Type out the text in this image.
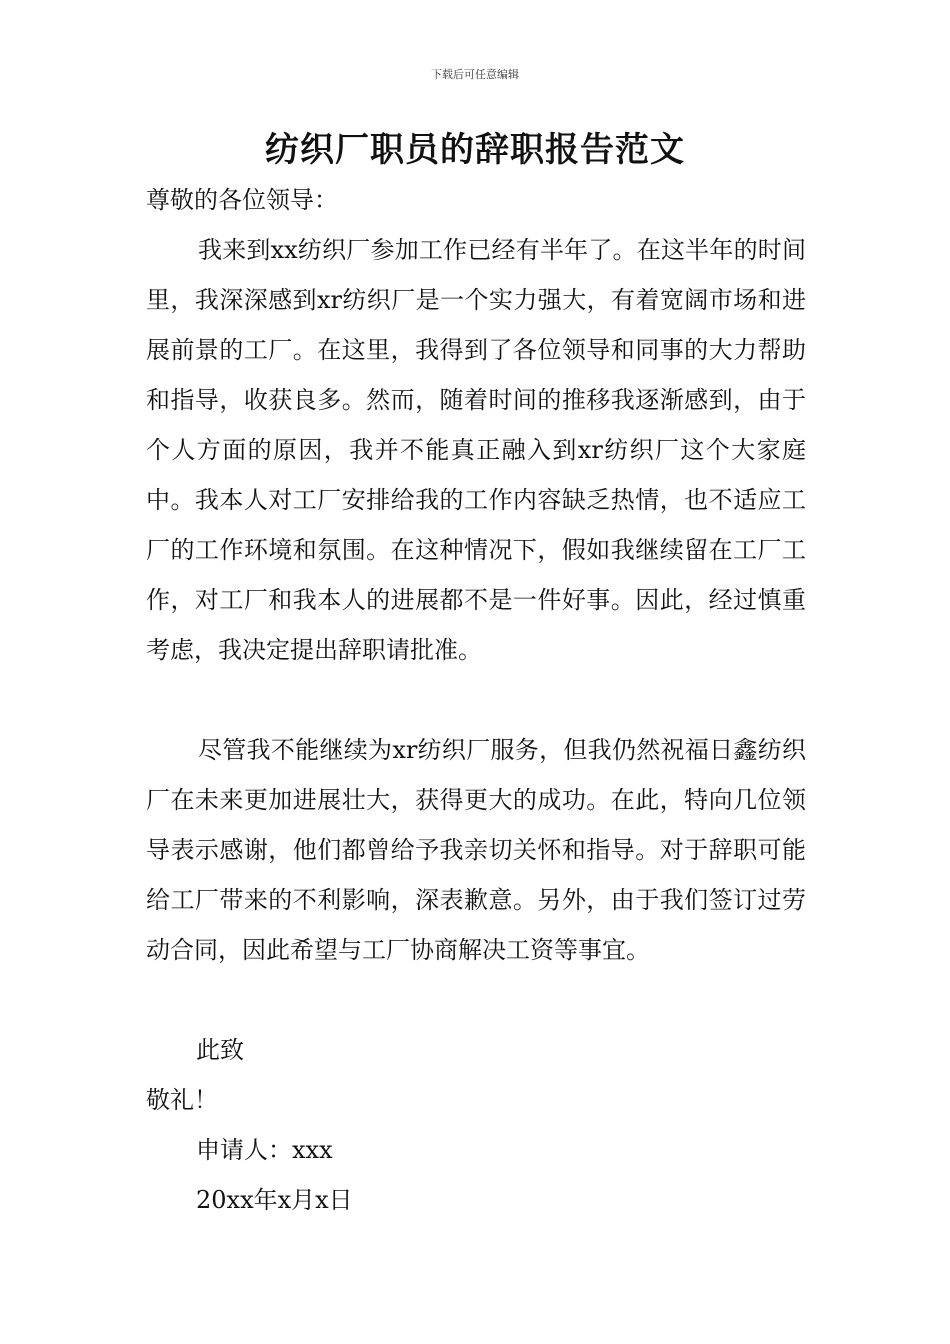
下载后可任意编辑
纺织厂职员的辞职报告范文

尊敬的各位领导：

我来到xx纺织厂参加工作已经有半年了。在这半年的时间里，我深深感到xr纺织厂是一个实力强大，有着宽阔市场和进展前景的工厂。在这里，我得到了各位领导和同事的大力帮助和指导，收获良多。然而，随着时间的推移我逐渐感到，由于个人方面的原因，我并不能真正融入到xr纺织厂这个大家庭中。我本人对工厂安排给我的工作内容缺乏热情，也不适应工厂的工作环境和氛围。在这种情况下，假如我继续留在工厂工作，对工厂和我本人的进展都不是一件好事。因此，经过慎重考虑，我决定提出辞职请批准。

尽管我不能继续为xr纺织厂服务，但我仍然祝福日鑫纺织厂在未来更加进展壮大，获得更大的成功。在此，特向几位领导表示感谢，他们都曾给予我亲切关怀和指导。对于辞职可能给工厂带来的不利影响，深表歉意。另外，由于我们签订过劳动合同，因此希望与工厂协商解决工资等事宜。

此致

敬礼！

申请人：xxx

20xx年x月x日
